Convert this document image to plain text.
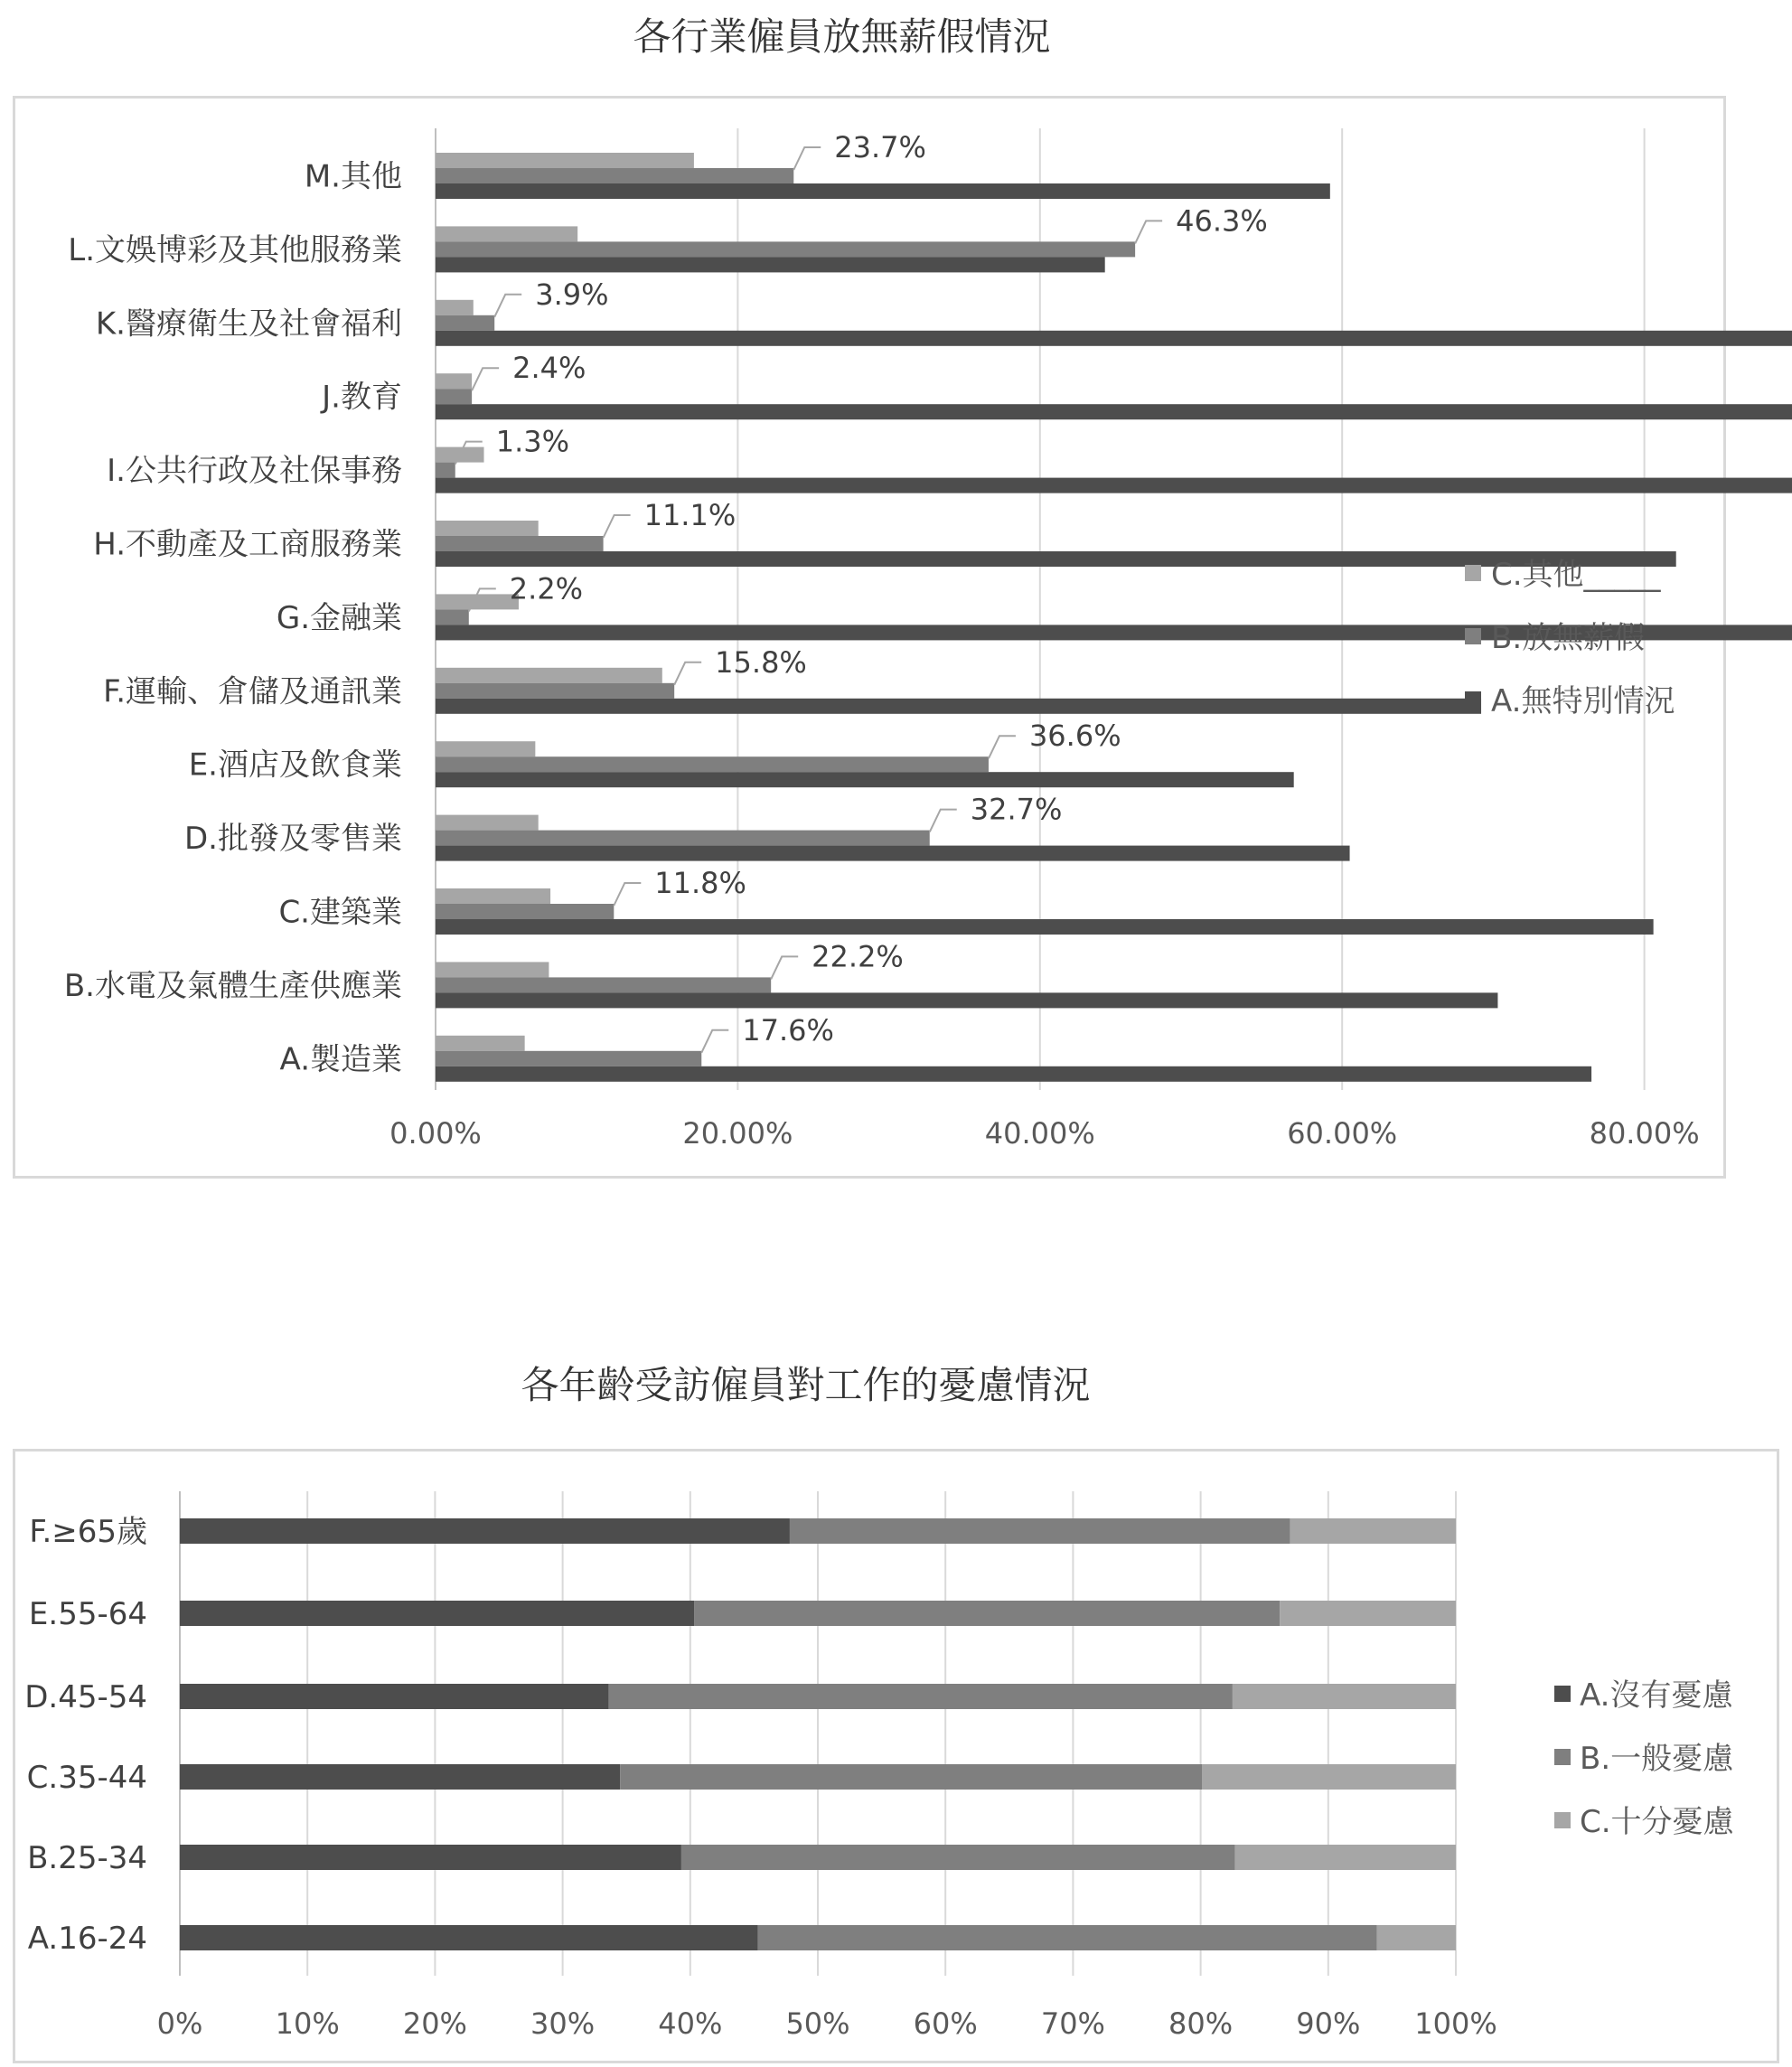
各行業僱員放無薪假情況
各年齡受訪僱員對工作的憂慮情況
0.00%	20.00%	40.00%	60.00%	80.00%
A.製造業
17.6%
B.水電及氣體生產供應業
22.2%
C.建築業
11.8%
D.批發及零售業
32.7%
E.酒店及飲食業
36.6%
F.運輸、倉儲及通訊業
15.8%
G.金融業
2.2%
H.不動產及工商服務業
11.1%
I.公共行政及社保事務
1.3%
J.教育
2.4%
K.醫療衛生及社會福利
3.9%
L.文娛博彩及其他服務業
46.3%
M.其他
23.7%
C.其他_____
B.放無薪假
A.無特別情況
0%	10% 20% 30% 40% 50% 60% 70% 80% 90% 100%
A.16-24
B.25-34
C.35-44
D.45-54
E.55-64
F.≥65歲
A.沒有憂慮
B.一般憂慮
C.十分憂慮
